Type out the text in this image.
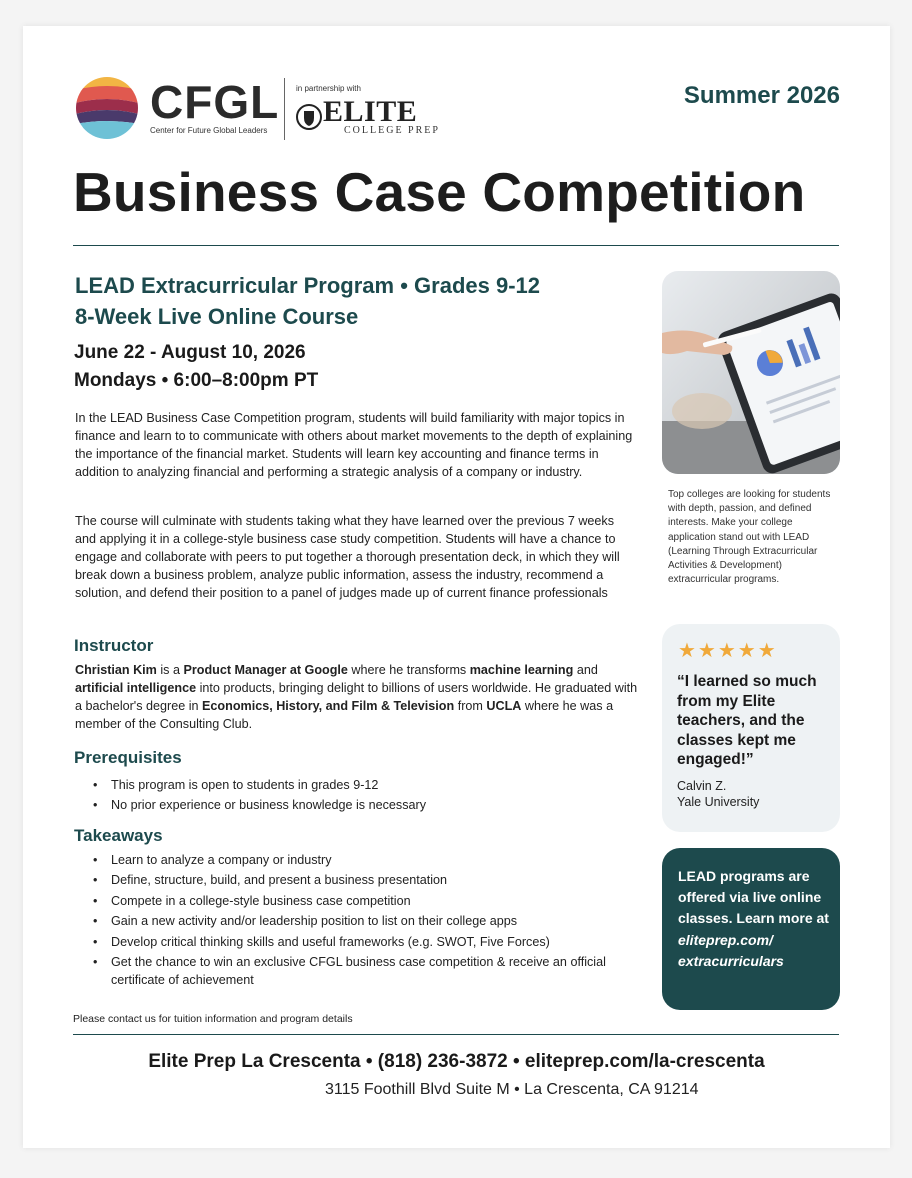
CFGL
Center for Future Global Leaders
in partnership with
ELITE
COLLEGE PREP
Summer 2026
Business Case Competition
LEAD Extracurricular Program • Grades 9-12
8-Week Live Online Course
June 22 - August 10, 2026
Mondays • 6:00–8:00pm PT

In the LEAD Business Case Competition program, students will build familiarity with major topics in finance and learn to to communicate with others about market movements to the depth of explaining the importance of the financial market. Students will learn key accounting and finance terms in addition to analyzing financial and performing a strategic analysis of a company or industry.

The course will culminate with students taking what they have learned over the previous 7 weeks and applying it in a college-style business case study competition. Students will have a chance to engage and collaborate with peers to put together a thorough presentation deck, in which they will break down a business problem, analyze public information, assess the industry, recommend a solution, and defend their position to a panel of judges made up of current finance professionals

Instructor

Christian Kim is a Product Manager at Google where he transforms machine learning and artificial intelligence into products, bringing delight to billions of users worldwide. He graduated with a bachelor's degree in Economics, History, and Film & Television from UCLA where he was a member of the Consulting Club.

Prerequisites
• This program is open to students in grades 9-12
• No prior experience or business knowledge is necessary
Takeaways
• Learn to analyze a company or industry
• Define, structure, build, and present a business presentation
• Compete in a college-style business case competition
• Gain a new activity and/or leadership position to list on their college apps
• Develop critical thinking skills and useful frameworks (e.g. SWOT, Five Forces)
• Get the chance to win an exclusive CFGL business case competition & receive an official certificate of achievement
Top colleges are looking for students with depth, passion, and defined interests. Make your college application stand out with LEAD (Learning Through Extracurricular Activities & Development) extracurricular programs.
★★★★★
“I learned so much from my Elite teachers, and the classes kept me engaged!”
Calvin Z.
Yale University
LEAD programs are offered via live online classes. Learn more at
eliteprep.com/ extracurriculars
Please contact us for tuition information and program details
Elite Prep La Crescenta • (818) 236-3872 • eliteprep.com/la-crescenta
3115 Foothill Blvd Suite M • La Crescenta, CA 91214
